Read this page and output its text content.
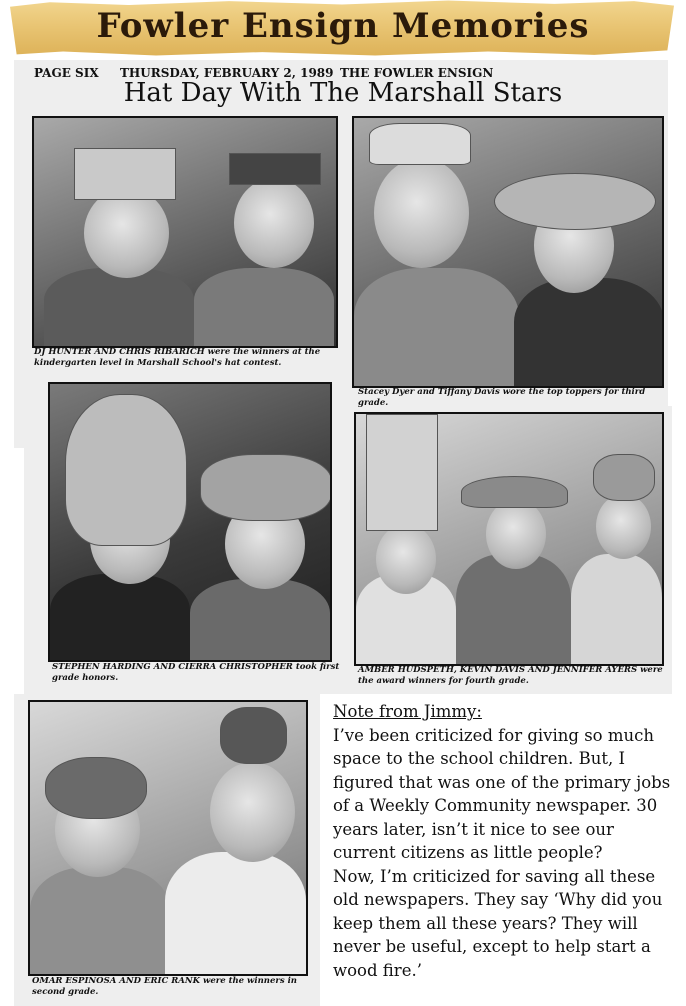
Fowler Ensign Memories
PAGE SIX THURSDAY, FEBRUARY 2, 1989 THE FOWLER ENSIGN
Hat Day With The Marshall Stars
DJ HUNTER AND CHRIS RIBARICH were the winners at the kindergarten level in Marshall School's hat contest.
Stacey Dyer and Tiffany Davis wore the top toppers for third grade.
STEPHEN HARDING AND CIERRA CHRISTOPHER took first grade honors.
AMBER HUDSPETH, KEVIN DAVIS AND JENNIFER AYERS were the award winners for fourth grade.
OMAR ESPINOSA AND ERIC RANK were the winners in second grade.
Note from Jimmy:

I’ve been criticized for giving so much space to the school children. But, I figured that was one of the primary jobs of a Weekly Community newspaper. 30 years later, isn’t it nice to see our current citizens as little people?

Now, I’m criticized for saving all these old newspapers. They say ‘Why did you keep them all these years? They will never be useful, except to help start a wood fire.’
